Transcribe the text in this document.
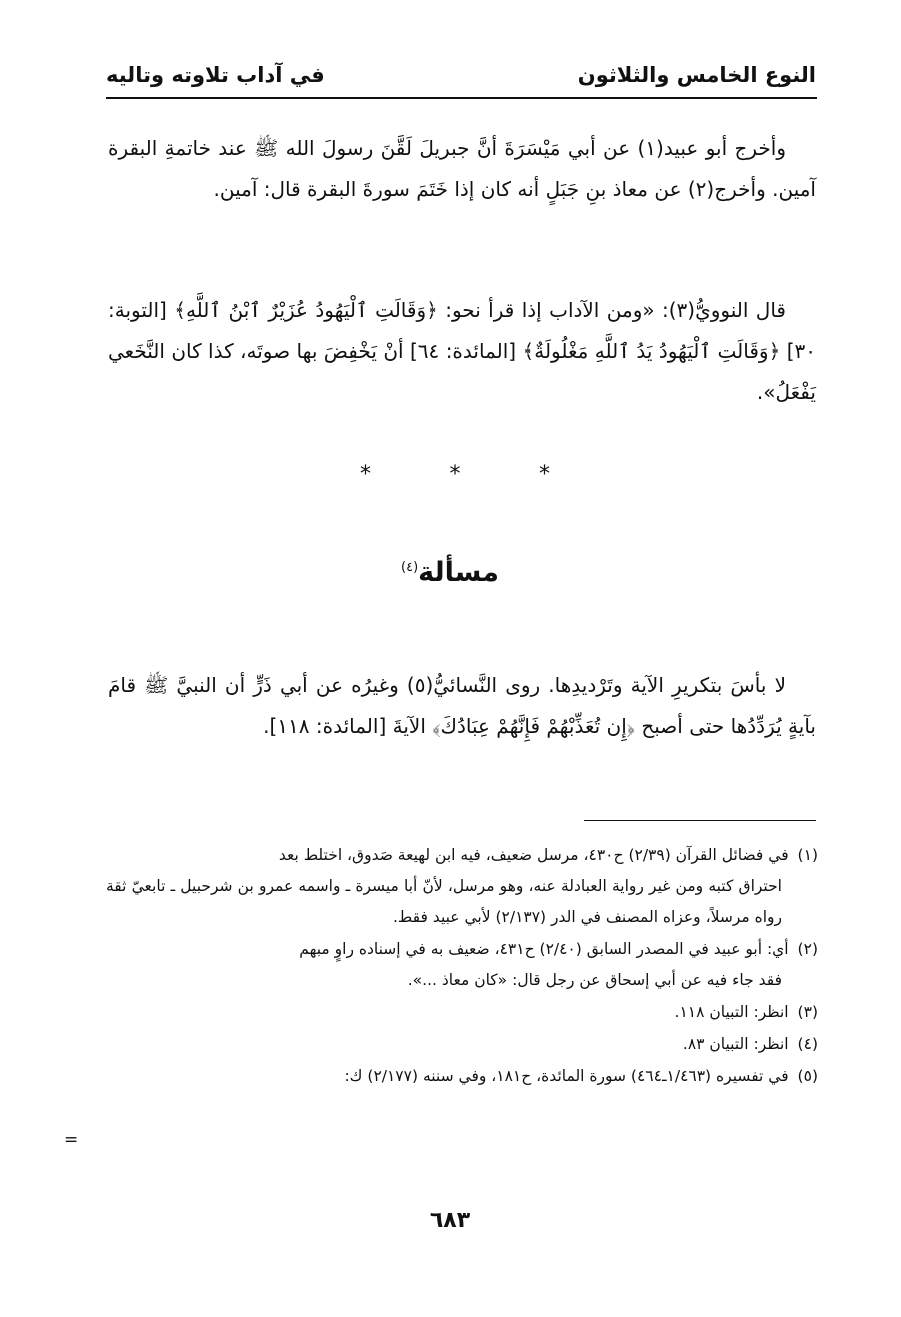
النوع الخامس والثلاثون
في آداب تلاوته وتاليه

وأخرج أبو عبيد(١) عن أبي مَيْسَرَةَ أنَّ جبريلَ لَقَّنَ رسولَ الله ﷺ عند خاتمةِ البقرة آمين. وأخرج(٢) عن معاذ بنِ جَبَلٍ أنه كان إذا خَتَمَ سورةَ البقرة قال: آمين.

قال النوويُّ(٣): «ومن الآداب إذا قرأ نحو: ﴿وَقَالَتِ ٱلْيَهُودُ عُزَيْرٌ ٱبْنُ ٱللَّهِ﴾ [التوبة: ٣٠] ﴿وَقَالَتِ ٱلْيَهُودُ يَدُ ٱللَّهِ مَغْلُولَةٌ﴾ [المائدة: ٦٤] أنْ يَخْفِضَ بها صوتَه، كذا كان النَّخَعي يَفْعَلُ».

*	*	*
مسألة$^{(٤)}$

لا بأسَ بتكريرِ الآية وتَرْديدِها. روى النَّسائيُّ(٥) وغيرُه عن أبي ذَرٍّ أن النبيَّ ﷺ قامَ بآيةٍ يُرَدِّدُها حتى أصبح ﴿إِن تُعَذِّبْهُمْ فَإِنَّهُمْ عِبَادُكَ﴾ الآيةَ [المائدة: ١١٨].

(١) في فضائل القرآن (٢/٣٩) ح٤٣٠، مرسل ضعيف، فيه ابن لهيعة صَدوق، اختلط بعد
احتراق كتبه ومن غير رواية العبادلة عنه، وهو مرسل، لأنّ أبا ميسرة ـ واسمه عمرو بن شرحبيل ـ تابعيّ ثقة رواه مرسلاً، وعزاه المصنف في الدر (٢/١٣٧) لأبي عبيد فقط.
(٢) أي: أبو عبيد في المصدر السابق (٢/٤٠) ح٤٣١، ضعيف به في إسناده راوٍ مبهم
فقد جاء فيه عن أبي إسحاق عن رجل قال: «كان معاذ ...».
(٣) انظر: التبيان ١١٨.
(٤) انظر: التبيان ٨٣.
(٥) في تفسيره (١/٤٦٣ـ٤٦٤) سورة المائدة، ح١٨١، وفي سننه (٢/١٧٧) ك:
=
٦٨٣
